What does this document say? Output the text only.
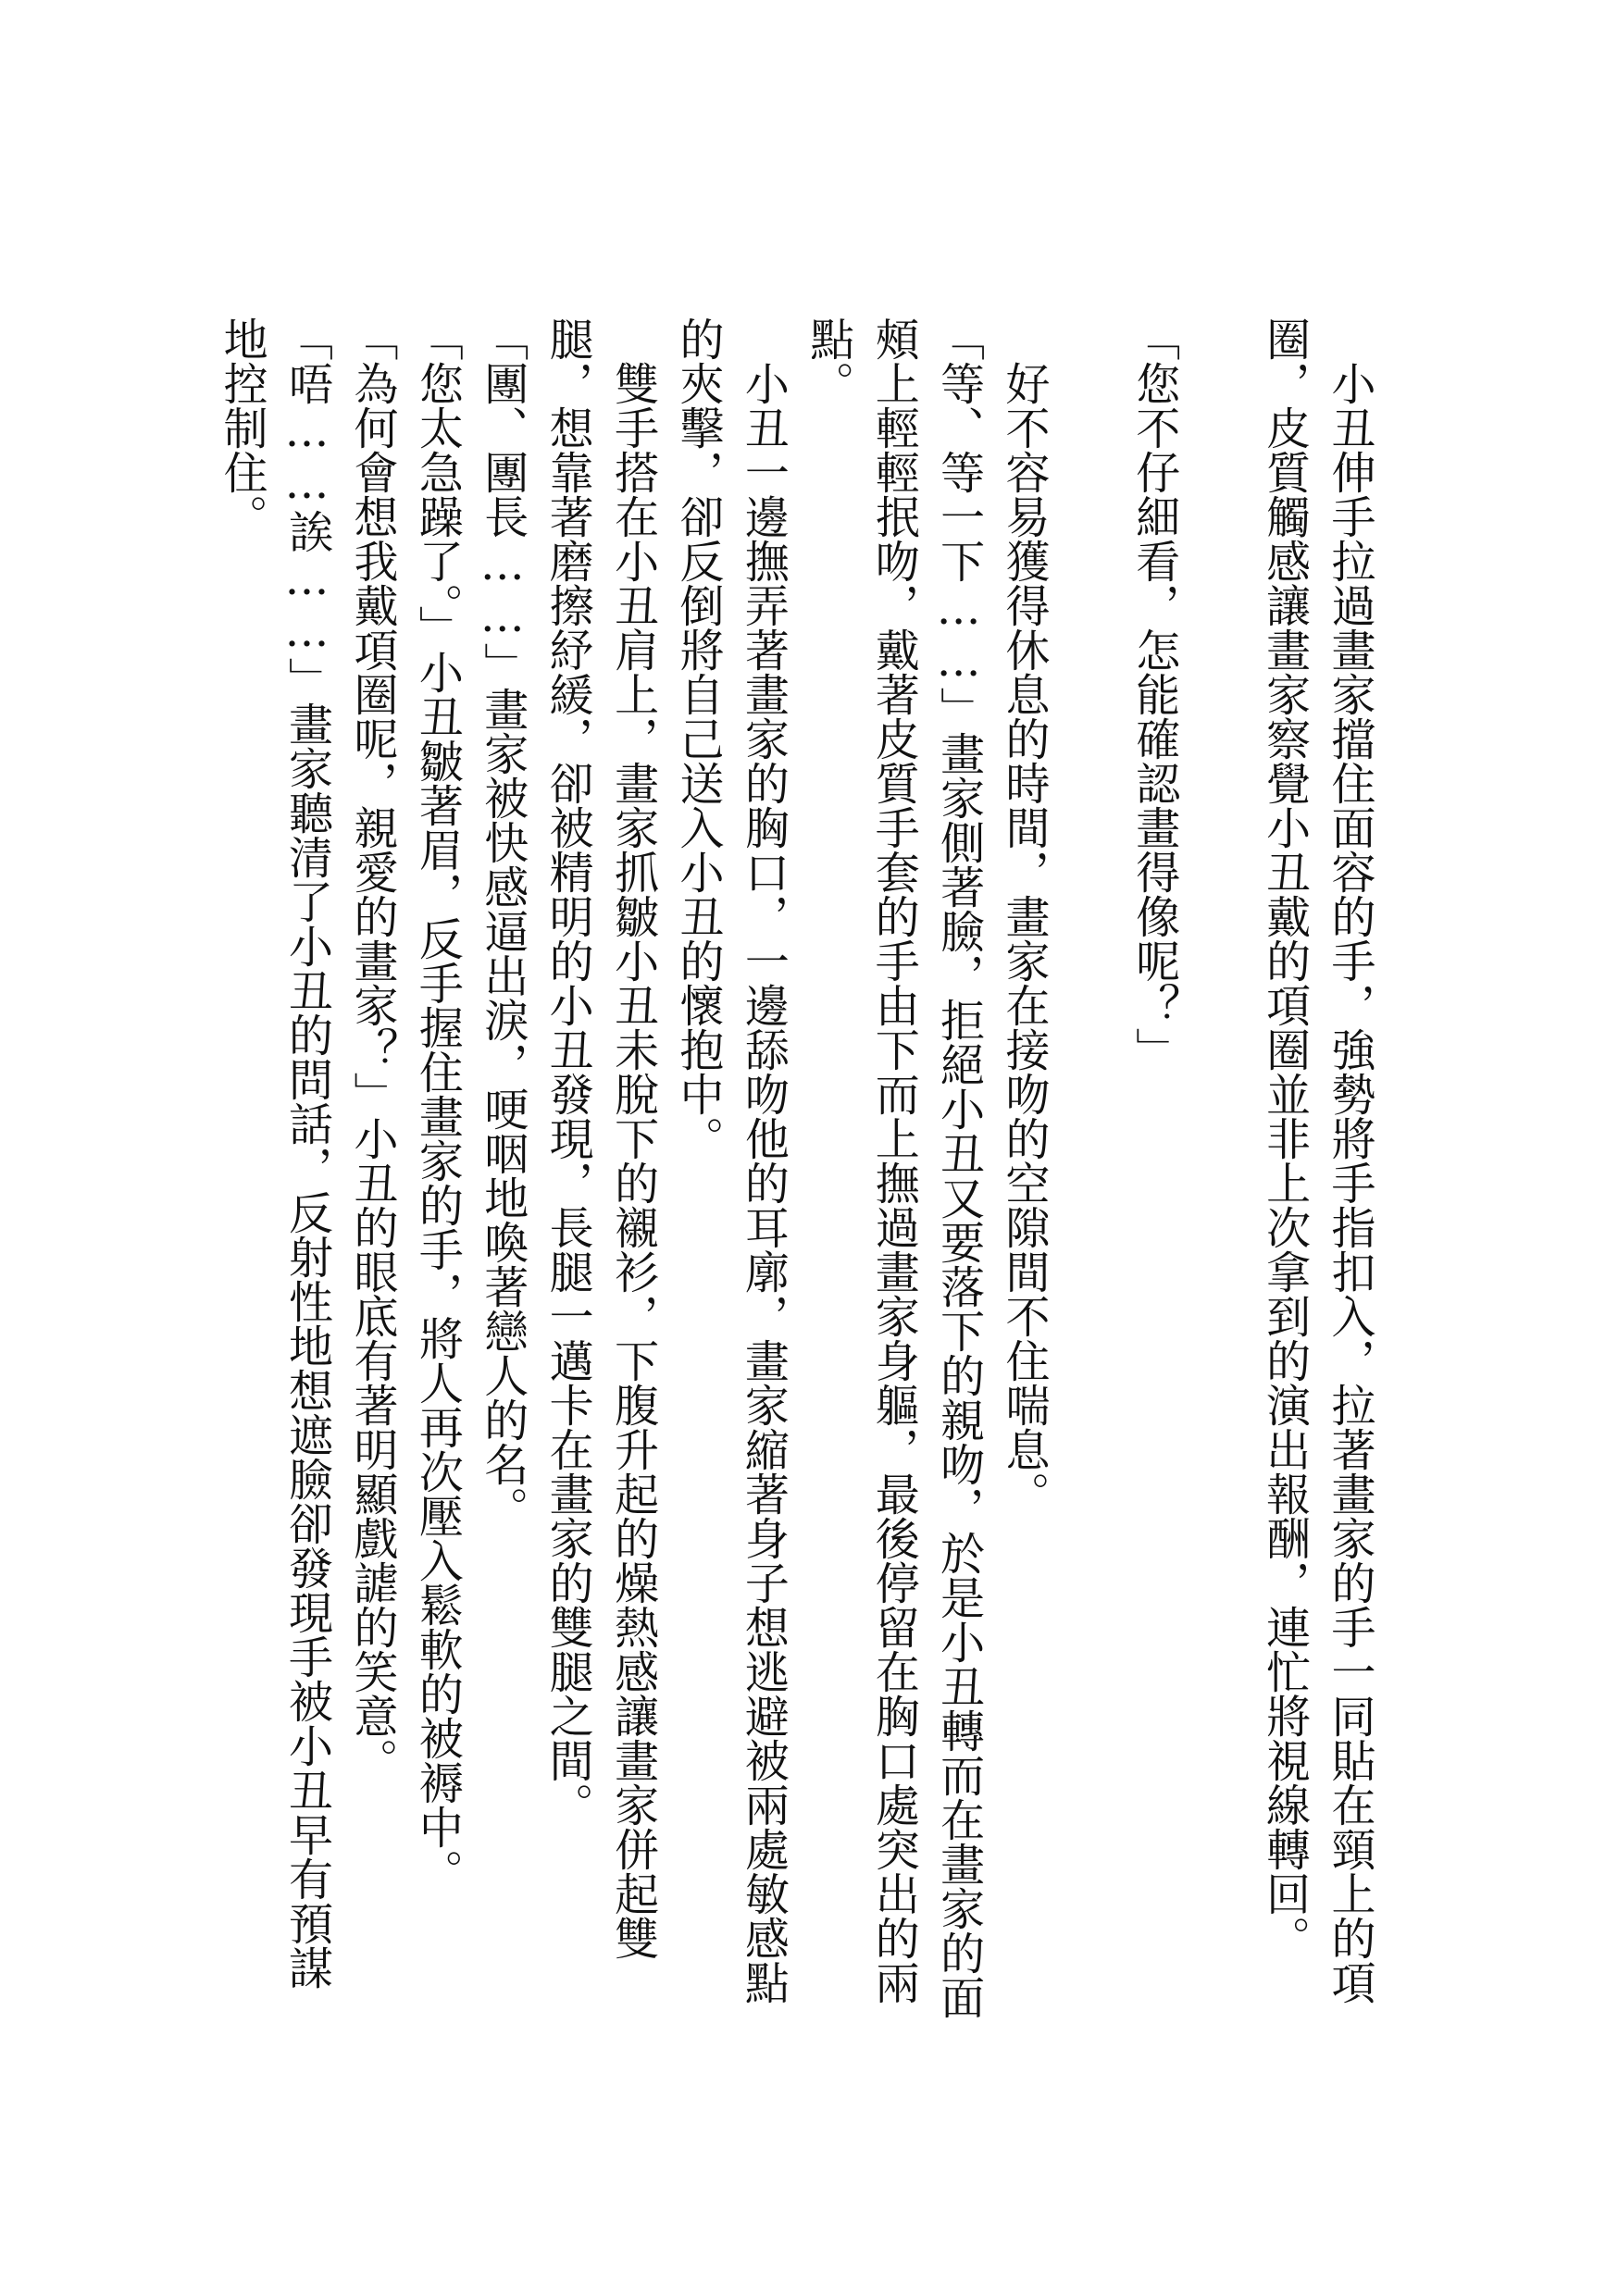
小丑伸手拉過畫家擋住面容的手，強勢將手指扣入，拉著畫家的手一同貼在頸上的項圈，皮質觸感讓畫家察覺小丑戴的項圈並非上次拿到的演出報酬，連忙將視線轉回。

「您不仔細看，怎能確認畫得像呢？」

好不容易獲得休息的時間，畫家在接吻的空隙間不住喘息。

「等、等一下……」畫家側著臉，拒絕小丑又要落下的親吻，於是小丑轉而在畫家的面頰上輕輕抿吻，戴著皮質手套的手由下而上撫過畫家身軀，最後停留在胸口處突出的兩點。

小丑一邊撫弄著畫家的胸口，一邊舔吻他的耳廓，畫家縮著身子想逃避被兩處敏感點的夾擊，卻反倒將自己送入小丑的懷抱中。

雙手搭在小丑肩上，畫家抓皺小丑未脫下的襯衫，下腹升起的燥熱感讓畫家併起雙腿，想靠著磨擦紓緩，卻被精明的小丑發現，長腿一邁卡在畫家的雙腿之間。

「團、團長……」畫家被快感逼出淚，哽咽地喚著戀人的名。

「您太急躁了。」小丑皺著眉，反手握住畫家的手，將人再次壓入鬆軟的被褥中。

「為何會想我戴項圈呢，親愛的畫家？」小丑的眼底有著明顯戲謔的笑意。

「唔……誒……」畫家聽清了小丑的問話，反射性地想遮臉卻發現手被小丑早有預謀地控制住。
